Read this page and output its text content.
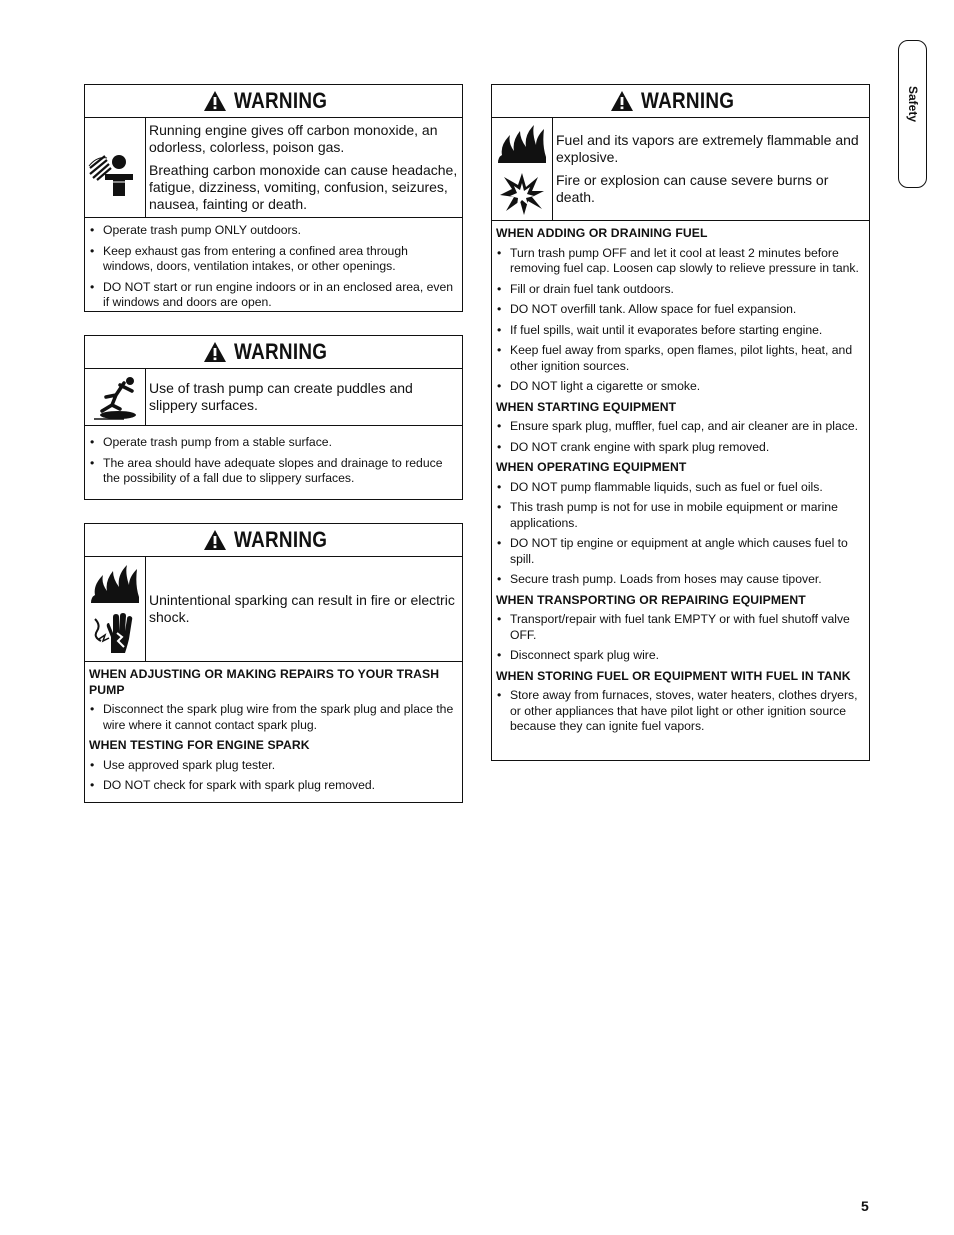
WARNING

Running engine gives off carbon monoxide, an odorless, colorless, poison gas.

Breathing carbon monoxide can cause headache, fatigue, dizziness, vomiting, confusion, seizures, nausea, fainting or death.

• Operate trash pump ONLY outdoors.
• Keep exhaust gas from entering a confined area through windows, doors, ventilation intakes, or other openings.
• DO NOT start or run engine indoors or in an enclosed area, even if windows and doors are open.
WARNING

Use of trash pump can create puddles and slippery surfaces.

• Operate trash pump from a stable surface.
• The area should have adequate slopes and drainage to reduce the possibility of a fall due to slippery surfaces.
WARNING

Unintentional sparking can result in fire or electric shock.

WHEN ADJUSTING OR MAKING REPAIRS TO YOUR TRASH PUMP
• Disconnect the spark plug wire from the spark plug and place the wire where it cannot contact spark plug.
WHEN TESTING FOR ENGINE SPARK
• Use approved spark plug tester.
• DO NOT check for spark with spark plug removed.
WARNING

Fuel and its vapors are extremely flammable and explosive.

Fire or explosion can cause severe burns or death.

WHEN ADDING OR DRAINING FUEL
• Turn trash pump OFF and let it cool at least 2 minutes before removing fuel cap. Loosen cap slowly to relieve pressure in tank.
• Fill or drain fuel tank outdoors.
• DO NOT overfill tank. Allow space for fuel expansion.
• If fuel spills, wait until it evaporates before starting engine.
• Keep fuel away from sparks, open flames, pilot lights, heat, and other ignition sources.
• DO NOT light a cigarette or smoke.
WHEN STARTING EQUIPMENT
• Ensure spark plug, muffler, fuel cap, and air cleaner are in place.
• DO NOT crank engine with spark plug removed.
WHEN OPERATING EQUIPMENT
• DO NOT pump flammable liquids, such as fuel or fuel oils.
• This trash pump is not for use in mobile equipment or marine applications.
• DO NOT tip engine or equipment at angle which causes fuel to spill.
• Secure trash pump. Loads from hoses may cause tipover.
WHEN TRANSPORTING OR REPAIRING EQUIPMENT
• Transport/repair with fuel tank EMPTY or with fuel shutoff valve OFF.
• Disconnect spark plug wire.
WHEN STORING FUEL OR EQUIPMENT WITH FUEL IN TANK
• Store away from furnaces, stoves, water heaters, clothes dryers, or other appliances that have pilot light or other ignition source because they can ignite fuel vapors.
Safety
5
